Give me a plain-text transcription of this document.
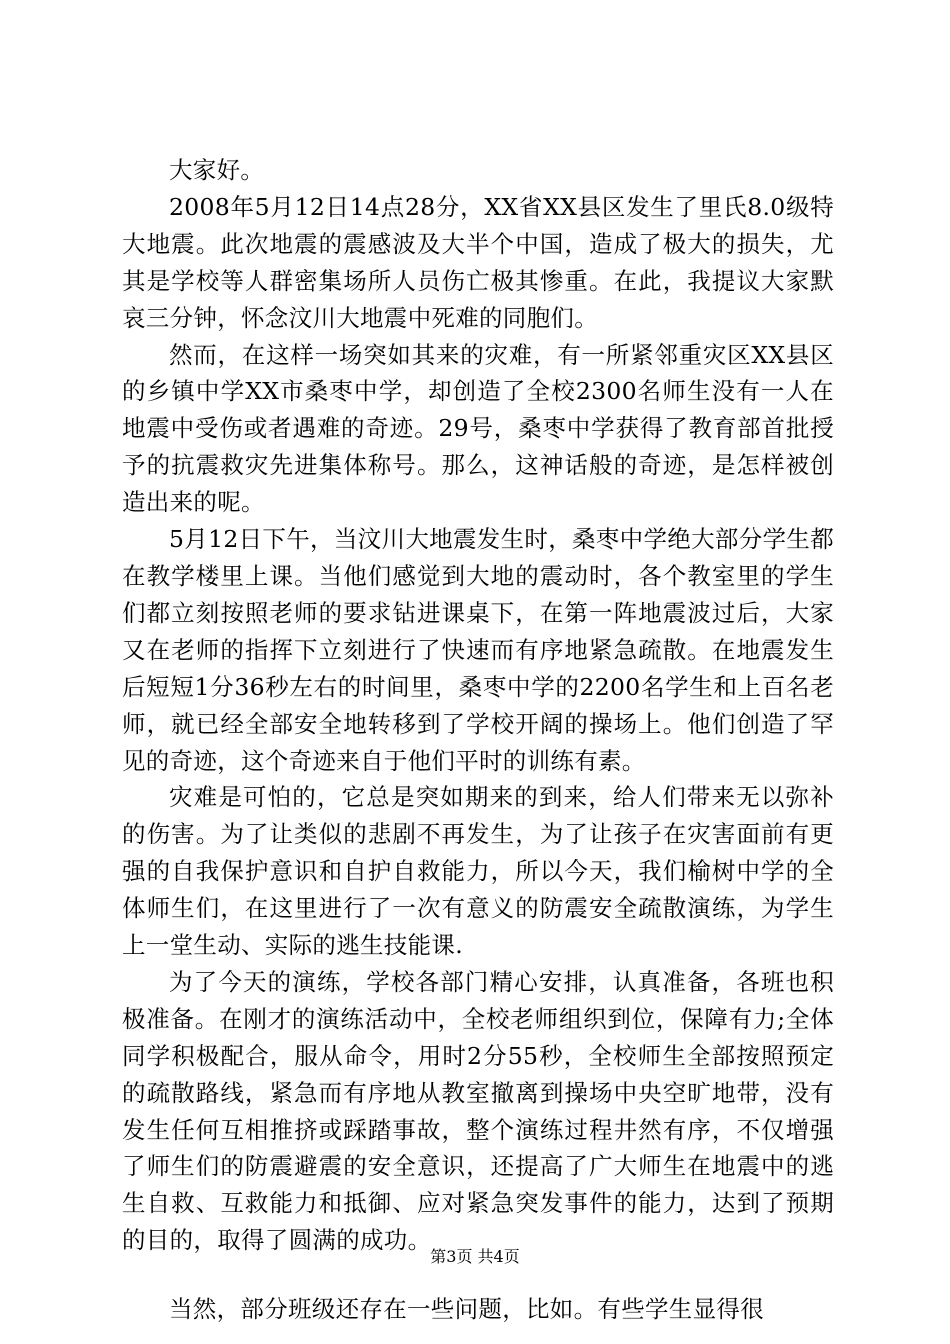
大家好。

2008年5月12日14点28分，XX省XX县区发生了里氏8.0级特大地震。此次地震的震感波及大半个中国，造成了极大的损失，尤其是学校等人群密集场所人员伤亡极其惨重。在此，我提议大家默哀三分钟，怀念汶川大地震中死难的同胞们。

然而，在这样一场突如其来的灾难，有一所紧邻重灾区XX县区的乡镇中学XX市桑枣中学，却创造了全校2300名师生没有一人在地震中受伤或者遇难的奇迹。29号，桑枣中学获得了教育部首批授予的抗震救灾先进集体称号。那么，这神话般的奇迹，是怎样被创造出来的呢。

5月12日下午，当汶川大地震发生时，桑枣中学绝大部分学生都在教学楼里上课。当他们感觉到大地的震动时，各个教室里的学生们都立刻按照老师的要求钻进课桌下，在第一阵地震波过后，大家又在老师的指挥下立刻进行了快速而有序地紧急疏散。在地震发生后短短1分36秒左右的时间里，桑枣中学的2200名学生和上百名老师，就已经全部安全地转移到了学校开阔的操场上。他们创造了罕见的奇迹，这个奇迹来自于他们平时的训练有素。

灾难是可怕的，它总是突如期来的到来，给人们带来无以弥补的伤害。为了让类似的悲剧不再发生，为了让孩子在灾害面前有更强的自我保护意识和自护自救能力，所以今天，我们榆树中学的全体师生们，在这里进行了一次有意义的防震安全疏散演练，为学生上一堂生动、实际的逃生技能课.

为了今天的演练，学校各部门精心安排，认真准备，各班也积极准备。在刚才的演练活动中，全校老师组织到位，保障有力;全体同学积极配合，服从命令，用时2分55秒，全校师生全部按照预定的疏散路线，紧急而有序地从教室撤离到操场中央空旷地带，没有发生任何互相推挤或踩踏事故，整个演练过程井然有序，不仅增强了师生们的防震避震的安全意识，还提高了广大师生在地震中的逃生自救、互救能力和抵御、应对紧急突发事件的能力，达到了预期的目的，取得了圆满的成功。

当然，部分班级还存在一些问题，比如。有些学生显得很

第3页 共4页
